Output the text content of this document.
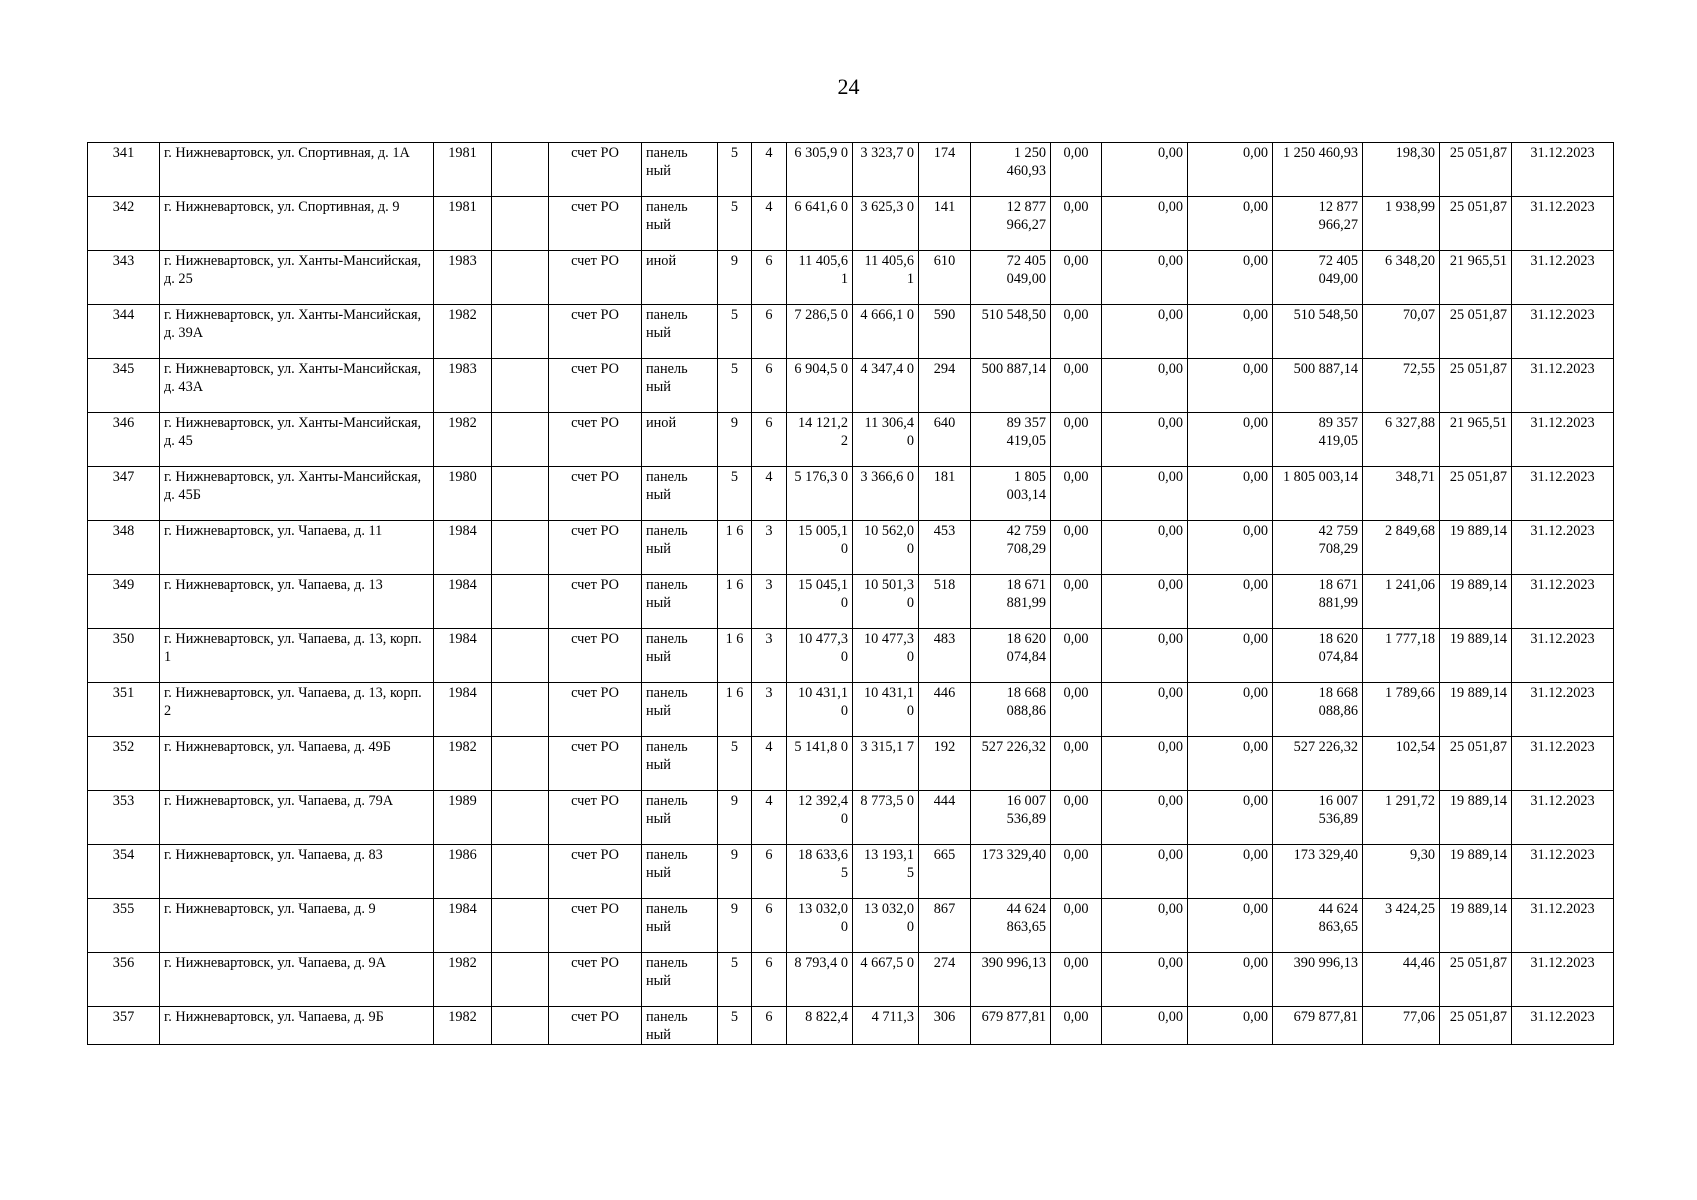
24
341	г. Нижневартовск, ул. Спортивная, д. 1А	1981		счет РО	панель ный	5	4	6 305,9 0	3 323,7 0	174	1 250 460,93	0,00	0,00	0,00	1 250 460,93	198,30	25 051,87	31.12.2023
342	г. Нижневартовск, ул. Спортивная, д. 9	1981		счет РО	панель ный	5	4	6 641,6 0	3 625,3 0	141	12 877 966,27	0,00	0,00	0,00	12 877 966,27	1 938,99	25 051,87	31.12.2023
343	г. Нижневартовск, ул. Ханты-Мансийская, д. 25	1983		счет РО	иной	9	6	11 405,6 1	11 405,6 1	610	72 405 049,00	0,00	0,00	0,00	72 405 049,00	6 348,20	21 965,51	31.12.2023
344	г. Нижневартовск, ул. Ханты-Мансийская, д. 39А	1982		счет РО	панель ный	5	6	7 286,5 0	4 666,1 0	590	510 548,50	0,00	0,00	0,00	510 548,50	70,07	25 051,87	31.12.2023
345	г. Нижневартовск, ул. Ханты-Мансийская, д. 43А	1983		счет РО	панель ный	5	6	6 904,5 0	4 347,4 0	294	500 887,14	0,00	0,00	0,00	500 887,14	72,55	25 051,87	31.12.2023
346	г. Нижневартовск, ул. Ханты-Мансийская, д. 45	1982		счет РО	иной	9	6	14 121,2 2	11 306,4 0	640	89 357 419,05	0,00	0,00	0,00	89 357 419,05	6 327,88	21 965,51	31.12.2023
347	г. Нижневартовск, ул. Ханты-Мансийская, д. 45Б	1980		счет РО	панель ный	5	4	5 176,3 0	3 366,6 0	181	1 805 003,14	0,00	0,00	0,00	1 805 003,14	348,71	25 051,87	31.12.2023
348	г. Нижневартовск, ул. Чапаева, д. 11	1984		счет РО	панель ный	1 6	3	15 005,1 0	10 562,0 0	453	42 759 708,29	0,00	0,00	0,00	42 759 708,29	2 849,68	19 889,14	31.12.2023
349	г. Нижневартовск, ул. Чапаева, д. 13	1984		счет РО	панель ный	1 6	3	15 045,1 0	10 501,3 0	518	18 671 881,99	0,00	0,00	0,00	18 671 881,99	1 241,06	19 889,14	31.12.2023
350	г. Нижневартовск, ул. Чапаева, д. 13, корп. 1	1984		счет РО	панель ный	1 6	3	10 477,3 0	10 477,3 0	483	18 620 074,84	0,00	0,00	0,00	18 620 074,84	1 777,18	19 889,14	31.12.2023
351	г. Нижневартовск, ул. Чапаева, д. 13, корп. 2	1984		счет РО	панель ный	1 6	3	10 431,1 0	10 431,1 0	446	18 668 088,86	0,00	0,00	0,00	18 668 088,86	1 789,66	19 889,14	31.12.2023
352	г. Нижневартовск, ул. Чапаева, д. 49Б	1982		счет РО	панель ный	5	4	5 141,8 0	3 315,1 7	192	527 226,32	0,00	0,00	0,00	527 226,32	102,54	25 051,87	31.12.2023
353	г. Нижневартовск, ул. Чапаева, д. 79А	1989		счет РО	панель ный	9	4	12 392,4 0	8 773,5 0	444	16 007 536,89	0,00	0,00	0,00	16 007 536,89	1 291,72	19 889,14	31.12.2023
354	г. Нижневартовск, ул. Чапаева, д. 83	1986		счет РО	панель ный	9	6	18 633,6 5	13 193,1 5	665	173 329,40	0,00	0,00	0,00	173 329,40	9,30	19 889,14	31.12.2023
355	г. Нижневартовск, ул. Чапаева, д. 9	1984		счет РО	панель ный	9	6	13 032,0 0	13 032,0 0	867	44 624 863,65	0,00	0,00	0,00	44 624 863,65	3 424,25	19 889,14	31.12.2023
356	г. Нижневартовск, ул. Чапаева, д. 9А	1982		счет РО	панель ный	5	6	8 793,4 0	4 667,5 0	274	390 996,13	0,00	0,00	0,00	390 996,13	44,46	25 051,87	31.12.2023
357	г. Нижневартовск, ул. Чапаева, д. 9Б	1982		счет РО	панель ный	5	6	8 822,4	4 711,3	306	679 877,81	0,00	0,00	0,00	679 877,81	77,06	25 051,87	31.12.2023
